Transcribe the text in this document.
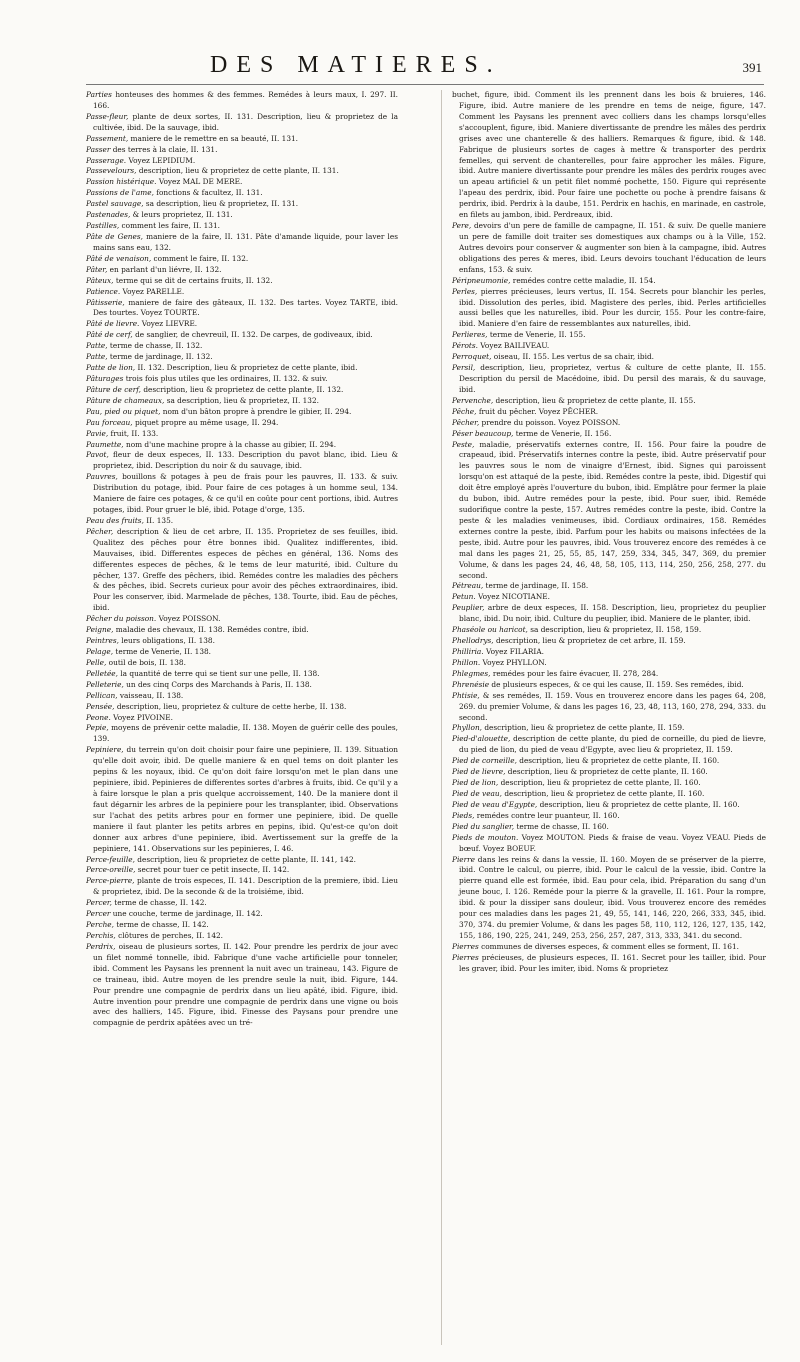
DES MATIERES.	391

Parties honteuses des hommes & des femmes. Remédes à leurs maux, I. 297. II. 166.

Passe-fleur, plante de deux sortes, II. 131. Description, lieu & proprietez de la cultivée, ibid. De la sauvage, ibid.

Passement, maniere de le remettre en sa beauté, II. 131.

Passer des terres à la claie, II. 131.

Passerage. Voyez LEPIDIUM.

Passevelours, description, lieu & proprietez de cette plante, II. 131.

Passion histérique. Voyez MAL DE MERE.

Passions de l'ame, fonctions & facultez, II. 131.

Pastel sauvage, sa description, lieu & proprietez, II. 131.

Pastenades, & leurs proprietez, II. 131.

Pastilles, comment les faire, II. 131.

Pâte de Genes, maniere de la faire, II. 131. Pâte d'amande liquide, pour laver les mains sans eau, 132.

Pâté de venaison, comment le faire, II. 132.

Pâter, en parlant d'un liévre, II. 132.

Pâteux, terme qui se dit de certains fruits, II. 132.

Patience. Voyez PARELLE.

Pâtisserie, maniere de faire des gâteaux, II. 132. Des tartes. Voyez TARTE, ibid. Des tourtes. Voyez TOURTE.

Pâté de lievre. Voyez LIEVRE.

Pâté de cerf, de sanglier, de chevreuil, II. 132. De carpes, de godiveaux, ibid.

Patte, terme de chasse, II. 132.

Patte, terme de jardinage, II. 132.

Patte de lion, II. 132. Description, lieu & proprietez de cette plante, ibid.

Pâturages trois fois plus utiles que les ordinaires, II. 132. & suiv.

Pâture de cerf, description, lieu & proprietez de cette plante, II. 132.

Pâture de chameaux, sa description, lieu & proprietez, II. 132.

Pau, pied ou piquet, nom d'un bâton propre à prendre le gibier, II. 294.

Pau forceau, piquet propre au même usage, II. 294.

Pavie, fruit, II. 133.

Paumette, nom d'une machine propre à la chasse au gibier, II. 294.

Pavot, fleur de deux especes, II. 133. Description du pavot blanc, ibid. Lieu & proprietez, ibid. Description du noir & du sauvage, ibid.

Pauvres, bouillons & potages à peu de frais pour les pauvres, II. 133. & suiv. Distribution du potage, ibid. Pour faire de ces potages à un homme seul, 134. Maniere de faire ces potages, & ce qu'il en coûte pour cent portions, ibid. Autres potages, ibid. Pour gruer le blé, ibid. Potage d'orge, 135.

Peau des fruits, II. 135.

Pêcher, description & lieu de cet arbre, II. 135. Proprietez de ses feuilles, ibid. Qualitez des pêches pour être bonnes ibid. Qualitez indifferentes, ibid. Mauvaises, ibid. Differentes especes de pêches en général, 136. Noms des differentes especes de pêches, & le tems de leur maturité, ibid. Culture du pêcher, 137. Greffe des pêchers, ibid. Remédes contre les maladies des pêchers & des pêches, ibid. Secrets curieux pour avoir des pêches extraordinaires, ibid. Pour les conserver, ibid. Marmelade de pêches, 138. Tourte, ibid. Eau de pêches, ibid.

Pêcher du poisson. Voyez POISSON.

Peigne, maladie des chevaux, II. 138. Remédes contre, ibid.

Peintres, leurs obligations, II. 138.

Pelage, terme de Venerie, II. 138.

Pelle, outil de bois, II. 138.

Pelletée, la quantité de terre qui se tient sur une pelle, II. 138.

Pelleterie, un des cinq Corps des Marchands à Paris, II. 138.

Pellican, vaisseau, II. 138.

Pensée, description, lieu, proprietez & culture de cette herbe, II. 138.

Peone. Voyez PIVOINE.

Pepie, moyens de prévenir cette maladie, II. 138. Moyen de guérir celle des poules, 139.

Pepiniere, du terrein qu'on doit choisir pour faire une pepiniere, II. 139. Situation qu'elle doit avoir, ibid. De quelle maniere & en quel tems on doit planter les pepins & les noyaux, ibid. Ce qu'on doit faire lorsqu'on met le plan dans une pepiniere, ibid. Pepinieres de differentes sortes d'arbres à fruits, ibid. Ce qu'il y a à faire lorsque le plan a pris quelque accroissement, 140. De la maniere dont il faut dégarnir les arbres de la pepiniere pour les transplanter, ibid. Observations sur l'achat des petits arbres pour en former une pepiniere, ibid. De quelle maniere il faut planter les petits arbres en pepins, ibid. Qu'est-ce qu'on doit donner aux arbres d'une pepiniere, ibid. Avertissement sur la greffe de la pepiniere, 141. Observations sur les pepinieres, I. 46.

Perce-feuille, description, lieu & proprietez de cette plante, II. 141, 142.

Perce-oreille, secret pour tuer ce petit insecte, II. 142.

Perce-pierre, plante de trois especes, II. 141. Description de la premiere, ibid. Lieu & proprietez, ibid. De la seconde & de la troisiéme, ibid.

Percer, terme de chasse, II. 142.

Percer une couche, terme de jardinage, II. 142.

Perche, terme de chasse, II. 142.

Perchis, clôtures de perches, II. 142.

Perdrix, oiseau de plusieurs sortes, II. 142. Pour prendre les perdrix de jour avec un filet nommé tonnelle, ibid. Fabrique d'une vache artificielle pour tonneler, ibid. Comment les Paysans les prennent la nuit avec un traineau, 143. Figure de ce traineau, ibid. Autre moyen de les prendre seule la nuit, ibid. Figure, 144. Pour prendre une compagnie de perdrix dans un lieu apâté, ibid. Figure, ibid. Autre invention pour prendre une compagnie de perdrix dans une vigne ou bois avec des halliers, 145. Figure, ibid. Finesse des Paysans pour prendre une compagnie de perdrix apâtées avec un tré-

buchet, figure, ibid. Comment ils les prennent dans les bois & bruieres, 146. Figure, ibid. Autre maniere de les prendre en tems de neige, figure, 147. Comment les Paysans les prennent avec colliers dans les champs lorsqu'elles s'accouplent, figure, ibid. Maniere divertissante de prendre les mâles des perdrix grises avec une chanterelle & des halliers. Remarques & figure, ibid. & 148. Fabrique de plusieurs sortes de cages à mettre & transporter des perdrix femelles, qui servent de chanterelles, pour faire approcher les mâles. Figure, ibid. Autre maniere divertissante pour prendre les mâles des perdrix rouges avec un apeau artificiel & un petit filet nommé pochette, 150. Figure qui représente l'apeau des perdrix, ibid. Pour faire une pochette ou poche à prendre faisans & perdrix, ibid. Perdrix à la daube, 151. Perdrix en hachis, en marinade, en castrole, en filets au jambon, ibid. Perdreaux, ibid.

Pere, devoirs d'un pere de famille de campagne, II. 151. & suiv. De quelle maniere un pere de famille doit traiter ses domestiques aux champs ou à la Ville, 152. Autres devoirs pour conserver & augmenter son bien à la campagne, ibid. Autres obligations des peres & meres, ibid. Leurs devoirs touchant l'éducation de leurs enfans, 153. & suiv.

Péripneumonie, remédes contre cette maladie, II. 154.

Perles, pierres précieuses, leurs vertus, II. 154. Secrets pour blanchir les perles, ibid. Dissolution des perles, ibid. Magistere des perles, ibid. Perles artificielles aussi belles que les naturelles, ibid. Pour les durcir, 155. Pour les contre-faire, ibid. Maniere d'en faire de ressemblantes aux naturelles, ibid.

Perlieres, terme de Venerie, II. 155.

Pérots. Voyez BAILIVEAU.

Perroquet, oiseau, II. 155. Les vertus de sa chair, ibid.

Persil, description, lieu, proprietez, vertus & culture de cette plante, II. 155. Description du persil de Macédoine, ibid. Du persil des marais, & du sauvage, ibid.

Pervenche, description, lieu & proprietez de cette plante, II. 155.

Pêche, fruit du pêcher. Voyez PÊCHER.

Pêcher, prendre du poisson. Voyez POISSON.

Péser beaucoup, terme de Venerie, II. 156.

Peste, maladie, préservatifs externes contre, II. 156. Pour faire la poudre de crapeaud, ibid. Préservatifs internes contre la peste, ibid. Autre préservatif pour les pauvres sous le nom de vinaigre d'Ernest, ibid. Signes qui paroissent lorsqu'on est attaqué de la peste, ibid. Remédes contre la peste, ibid. Digestif qui doit être employé après l'ouverture du bubon, ibid. Emplâtre pour fermer la plaie du bubon, ibid. Autre remédes pour la peste, ibid. Pour suer, ibid. Reméde sudorifique contre la peste, 157. Autres remédes contre la peste, ibid. Contre la peste & les maladies venimeuses, ibid. Cordiaux ordinaires, 158. Remédes externes contre la peste, ibid. Parfum pour les habits ou maisons infectées de la peste, ibid. Autre pour les pauvres, ibid. Vous trouverez encore des remédes à ce mal dans les pages 21, 25, 55, 85, 147, 259, 334, 345, 347, 369, du premier Volume, & dans les pages 24, 46, 48, 58, 105, 113, 114, 250, 256, 258, 277. du second.

Pétreau, terme de jardinage, II. 158.

Petun. Voyez NICOTIANE.

Peuplier, arbre de deux especes, II. 158. Description, lieu, proprietez du peuplier blanc, ibid. Du noir, ibid. Culture du peuplier, ibid. Maniere de le planter, ibid.

Phaséole ou haricot, sa description, lieu & proprietez, II. 158, 159.

Phellodrys, description, lieu & proprietez de cet arbre, II. 159.

Philliria. Voyez FILARIA.

Phillon. Voyez PHYLLON.

Phlegmes, remédes pour les faire évacuer, II. 278, 284.

Phrenésie de plusieurs especes, & ce qui les cause, II. 159. Ses remédes, ibid.

Phtisie, & ses remédes, II. 159. Vous en trouverez encore dans les pages 64, 208, 269. du premier Volume, & dans les pages 16, 23, 48, 113, 160, 278, 294, 333. du second.

Phyllon, description, lieu & proprietez de cette plante, II. 159.

Pied-d'alouette, description de cette plante, du pied de corneille, du pied de lievre, du pied de lion, du pied de veau d'Egypte, avec lieu & proprietez, II. 159.

Pied de corneille, description, lieu & proprietez de cette plante, II. 160.

Pied de lievre, description, lieu & proprietez de cette plante, II. 160.

Pied de lion, description, lieu & proprietez de cette plante, II. 160.

Pied de veau, description, lieu & proprietez de cette plante, II. 160.

Pied de veau d'Egypte, description, lieu & proprietez de cette plante, II. 160.

Pieds, remédes contre leur puanteur, II. 160.

Pied du sanglier, terme de chasse, II. 160.

Pieds de mouton. Voyez MOUTON. Pieds & fraise de veau. Voyez VEAU. Pieds de bœuf. Voyez BOEUF.

Pierre dans les reins & dans la vessie, II. 160. Moyen de se préserver de la pierre, ibid. Contre le calcul, ou pierre, ibid. Pour le calcul de la vessie, ibid. Contre la pierre quand elle est formée, ibid. Eau pour cela, ibid. Préparation du sang d'un jeune bouc, I. 126. Reméde pour la pierre & la gravelle, II. 161. Pour la rompre, ibid. & pour la dissiper sans douleur, ibid. Vous trouverez encore des remédes pour ces maladies dans les pages 21, 49, 55, 141, 146, 220, 266, 333, 345, ibid. 370, 374. du premier Volume, & dans les pages 58, 110, 112, 126, 127, 135, 142, 155, 186, 190, 225, 241, 249, 253, 256, 257, 287, 313, 333, 341. du second.

Pierres communes de diverses especes, & comment elles se forment, II. 161.

Pierres précieuses, de plusieurs especes, II. 161. Secret pour les tailler, ibid. Pour les graver, ibid. Pour les imiter, ibid. Noms & proprietez
